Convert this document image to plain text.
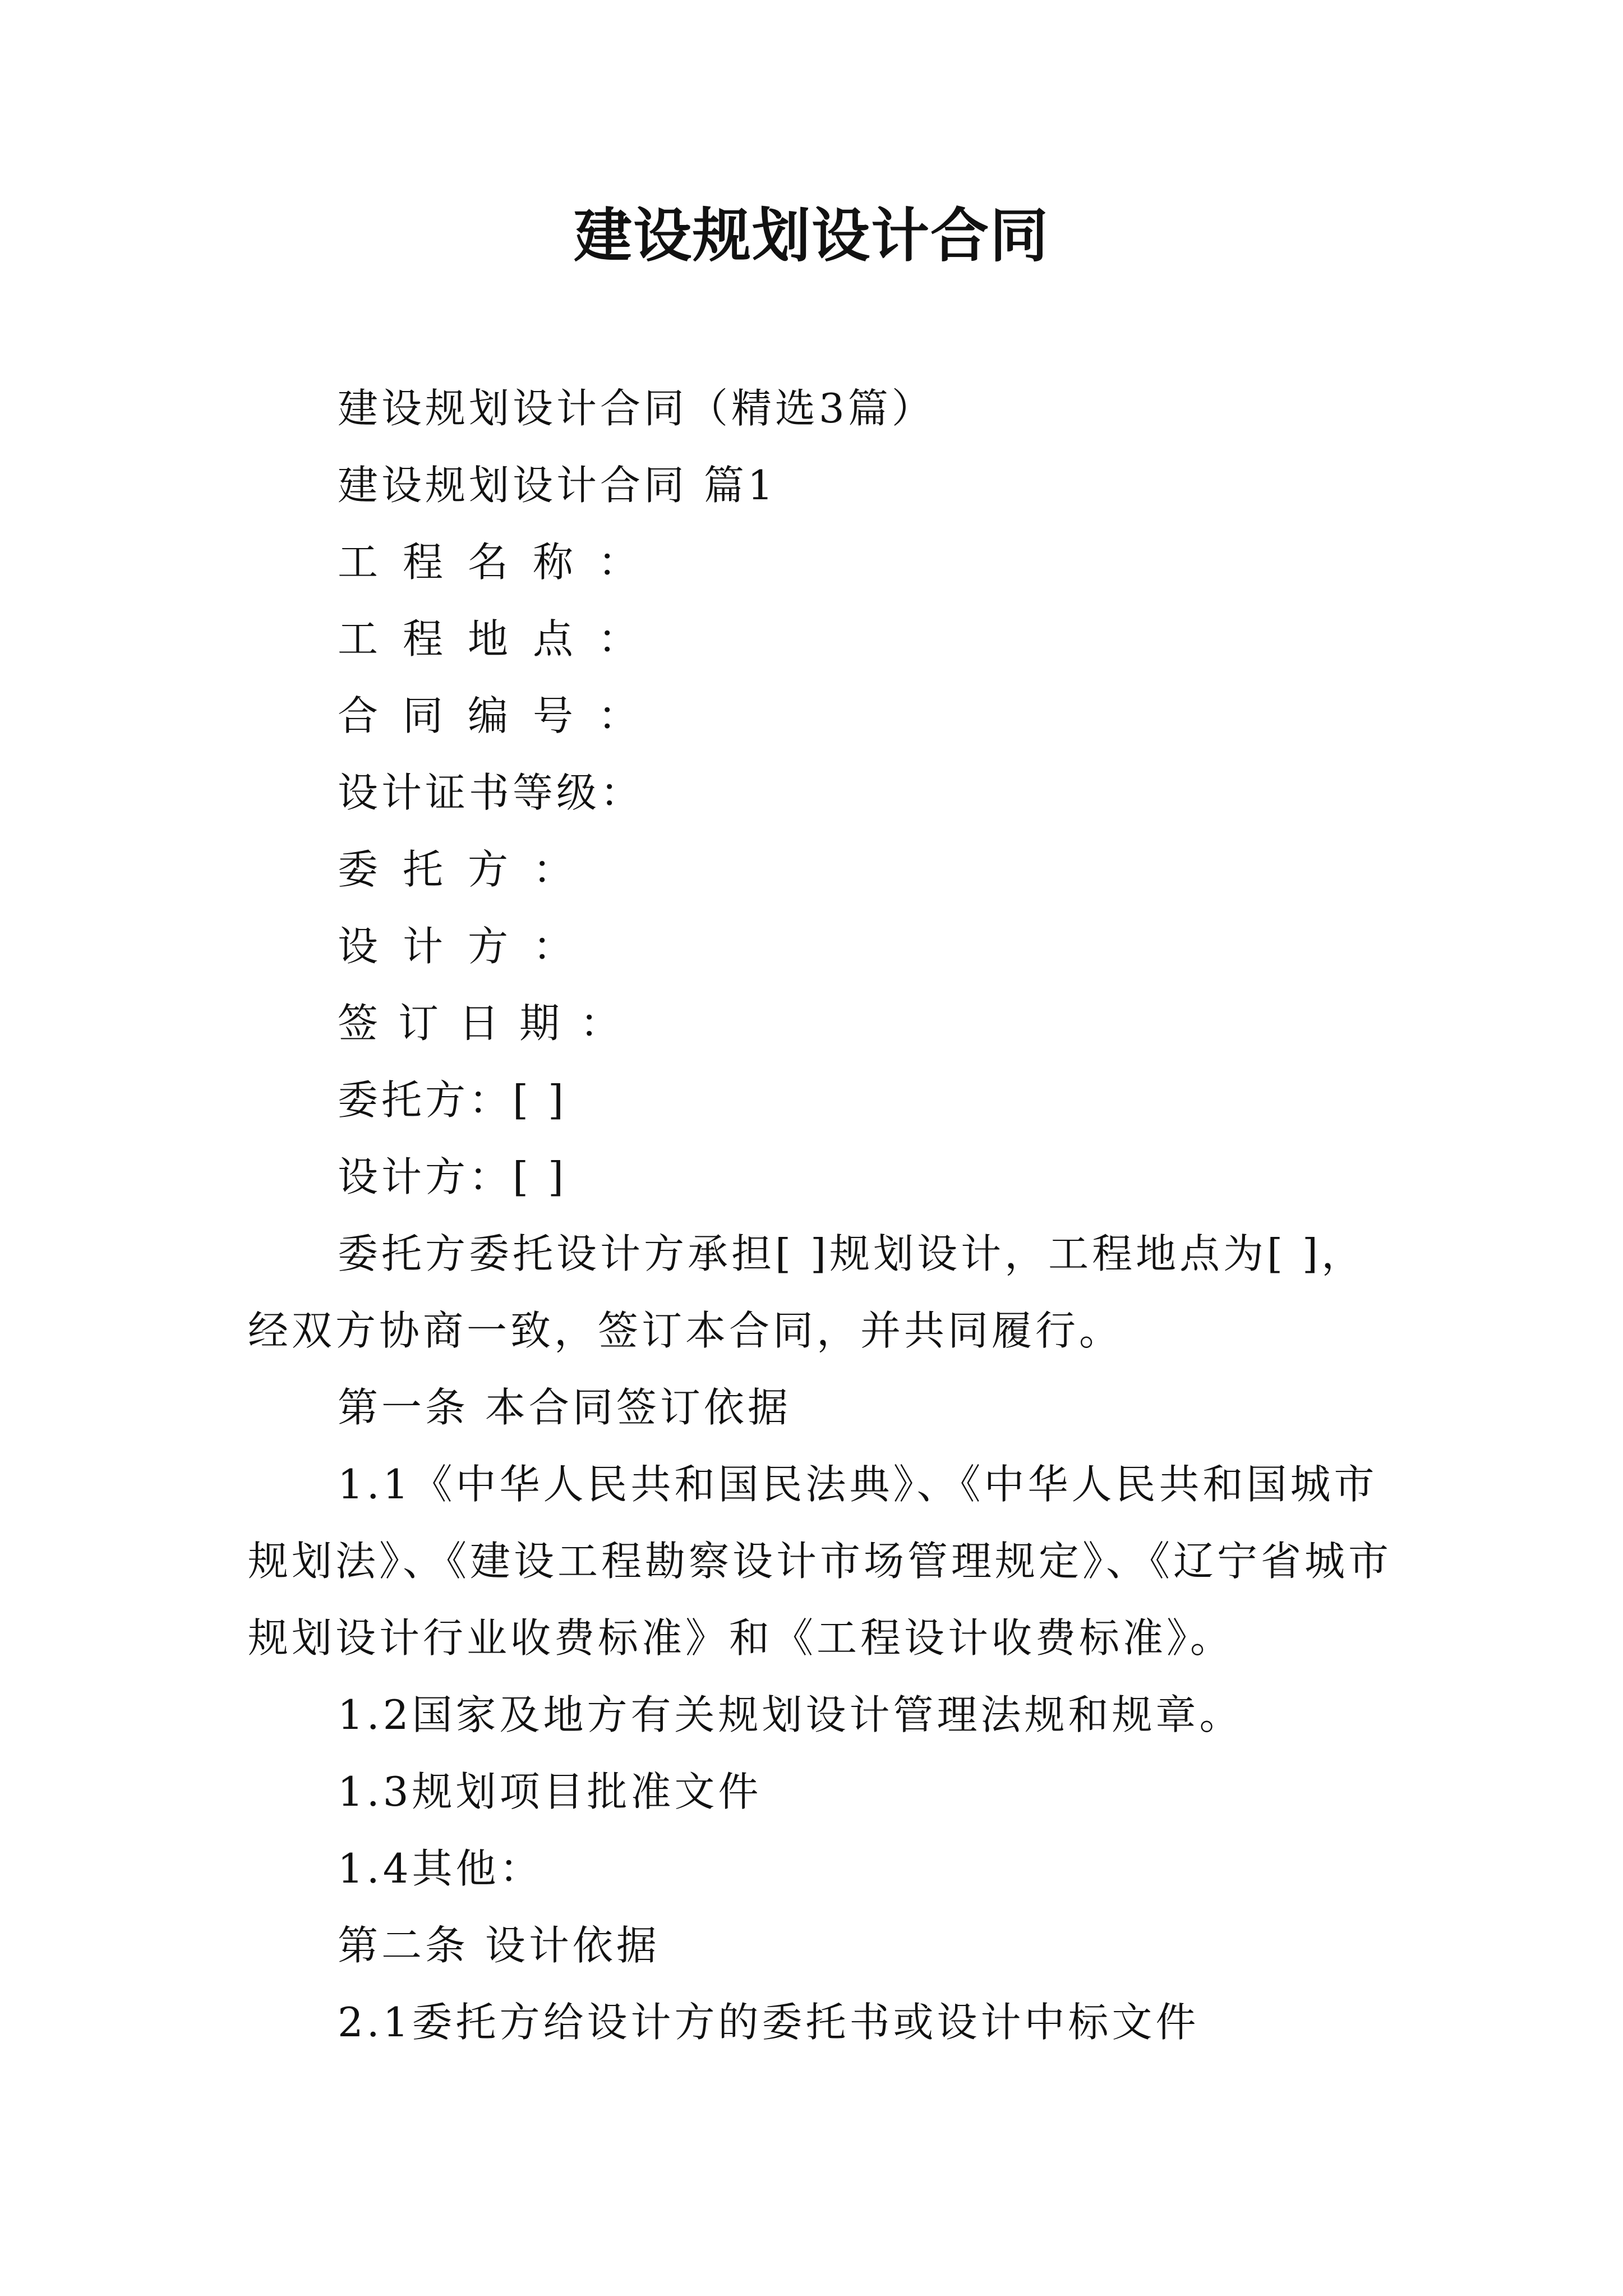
建设规划设计合同

建设规划设计合同（精选3篇）

建设规划设计合同 篇1

工程名称：

工程地点：

合同编号：

设计证书等级：

委托方：

设计方：

签订日期：

委托方：[ ]

设计方：[ ]

委托方委托设计方承担[ ]规划设计，工程地点为[ ]，经双方协商一致，签订本合同，并共同履行。

第一条 本合同签订依据

1.1《中华人民共和国民法典》、《中华人民共和国城市规划法》、《建设工程勘察设计市场管理规定》、《辽宁省城市规划设计行业收费标准》和《工程设计收费标准》。

1.2国家及地方有关规划设计管理法规和规章。

1.3规划项目批准文件

1.4其他：

第二条 设计依据

2.1委托方给设计方的委托书或设计中标文件
